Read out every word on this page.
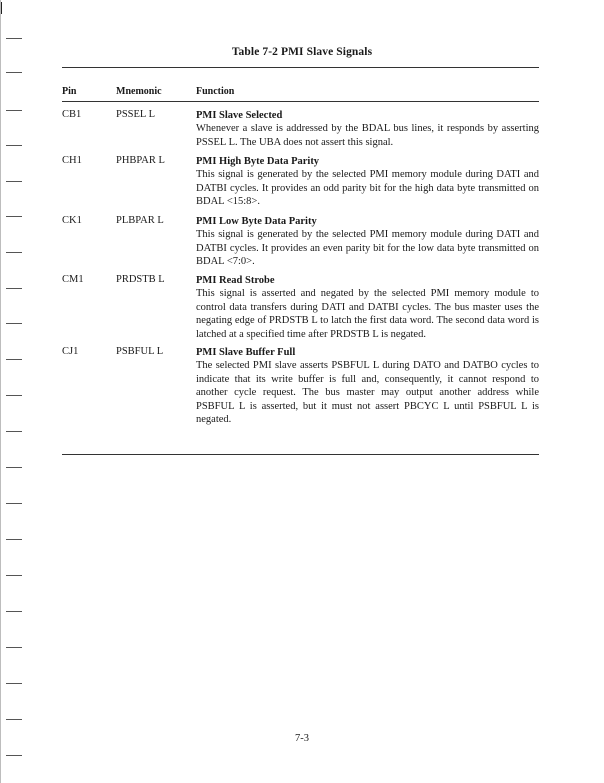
Table 7-2 PMI Slave Signals
Pin	Mnemonic	Function
CB1	PSSEL L	PMI Slave Selected
Whenever a slave is addressed by the BDAL bus lines, it responds by asserting PSSEL L. The UBA does not assert this signal.
CH1	PHBPAR L	PMI High Byte Data Parity
This signal is generated by the selected PMI memory module during DATI and DATBI cycles. It provides an odd parity bit for the high data byte transmitted on BDAL <15:8>.
CK1	PLBPAR L	PMI Low Byte Data Parity
This signal is generated by the selected PMI memory module during DATI and DATBI cycles. It provides an even parity bit for the low data byte transmitted on BDAL <7:0>.
CM1	PRDSTB L	PMI Read Strobe
This signal is asserted and negated by the selected PMI memory module to control data transfers during DATI and DATBI cycles. The bus master uses the negating edge of PRDSTB L to latch the first data word. The second data word is latched at a specified time after PRDSTB L is negated.
CJ1	PSBFUL L	PMI Slave Buffer Full
The selected PMI slave asserts PSBFUL L during DATO and DATBO cycles to indicate that its write buffer is full and, consequently, it cannot respond to another cycle request. The bus master may output another address while PSBFUL L is asserted, but it must not assert PBCYC L until PSBFUL L is negated.
7-3
